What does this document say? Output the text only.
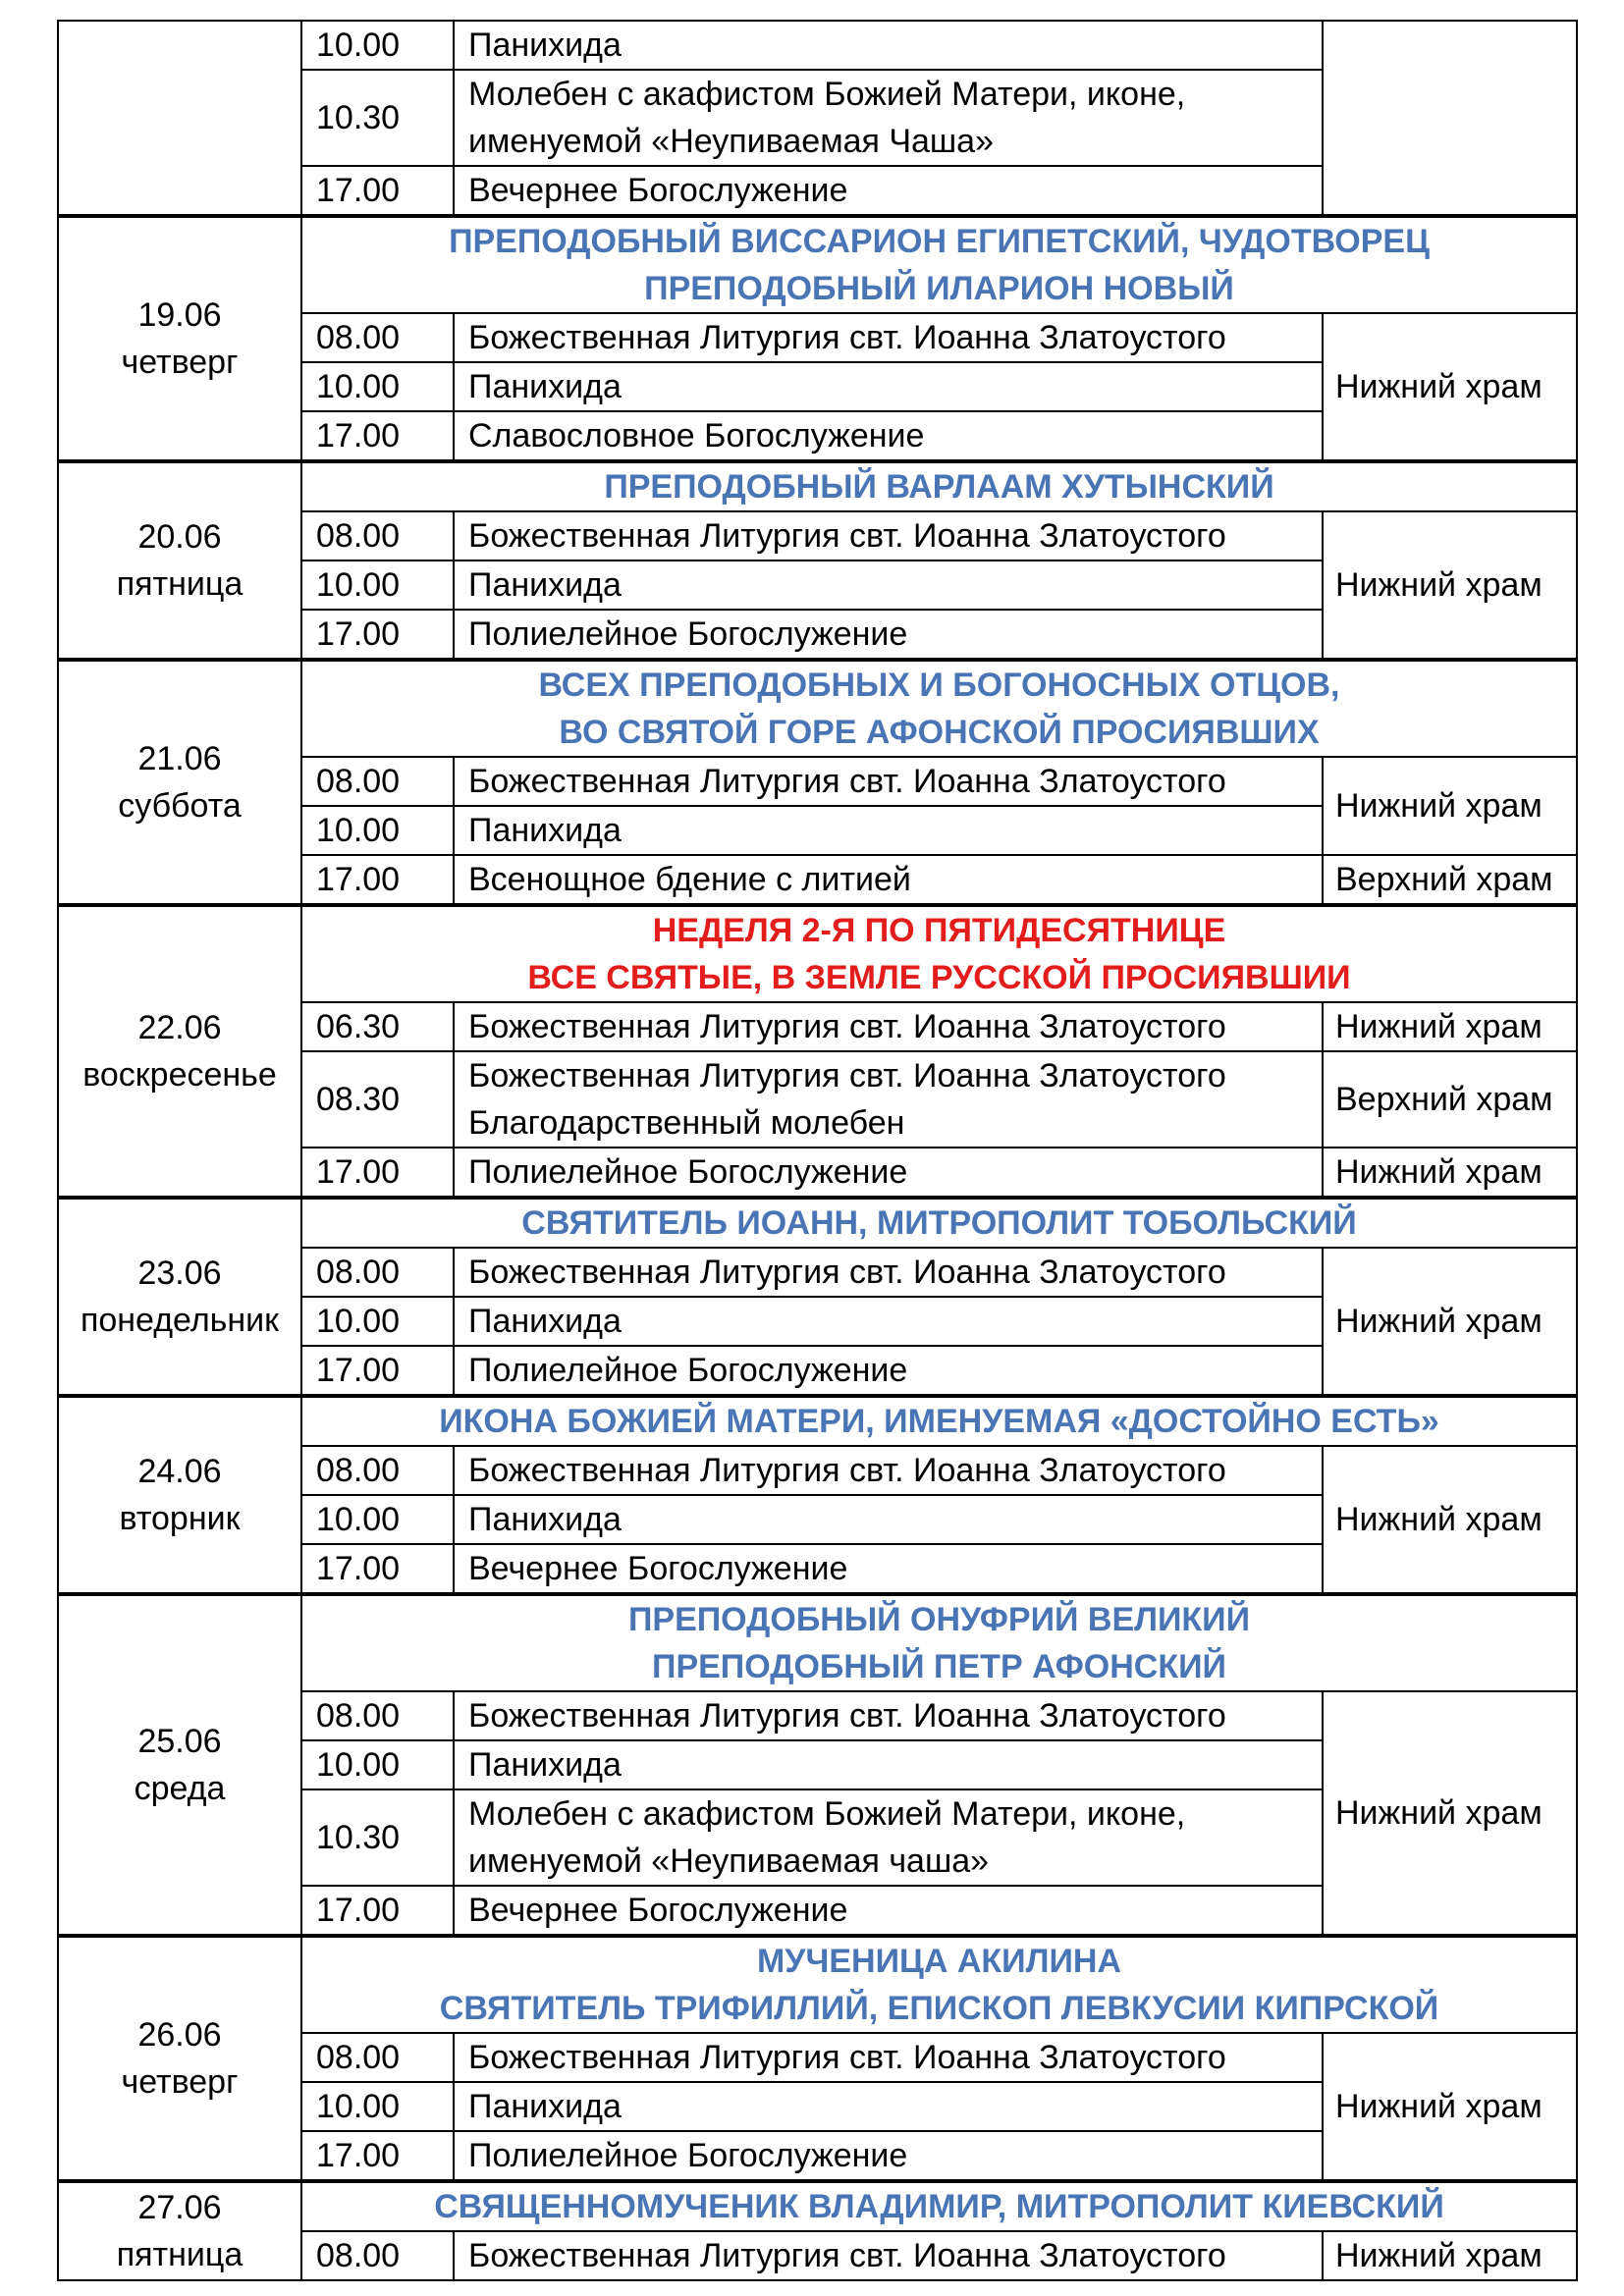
	10.00	Панихида	

	10.30	Молебен с акафистом Божией Матери, иконе,
именуемой «Неупиваемая Чаша»	

	17.00	Вечернее Богослужение	

19.06
четверг	ПРЕПОДОБНЫЙ ВИССАРИОН ЕГИПЕТСКИЙ, ЧУДОТВОРЕЦ
ПРЕПОДОБНЫЙ ИЛАРИОН НОВЫЙ		

	08.00	Божественная Литургия свт. Иоанна Златоустого	Нижний храм
	10.00	Панихида	
	17.00	Славословное Богослужение	

20.06
пятница	ПРЕПОДОБНЫЙ ВАРЛААМ ХУТЫНСКИЙ		

	08.00	Божественная Литургия свт. Иоанна Златоустого	Нижний храм
	10.00	Панихида	
	17.00	Полиелейное Богослужение	

21.06
суббота	ВСЕХ ПРЕПОДОБНЫХ И БОГОНОСНЫХ ОТЦОВ,
ВО СВЯТОЙ ГОРЕ АФОНСКОЙ ПРОСИЯВШИХ		

	08.00	Божественная Литургия свт. Иоанна Златоустого	Нижний храм
	10.00	Панихида	
	17.00	Всенощное бдение с литией	Верхний храм

22.06
воскресенье	НЕДЕЛЯ 2-Я ПО ПЯТИДЕСЯТНИЦЕ
ВСЕ СВЯТЫЕ, В ЗЕМЛЕ РУССКОЙ ПРОСИЯВШИИ		

	06.30	Божественная Литургия свт. Иоанна Златоустого	Нижний храм
	08.30	Божественная Литургия свт. Иоанна Златоустого
Благодарственный молебен	Верхний храм
	17.00	Полиелейное Богослужение	Нижний храм

23.06
понедельник	СВЯТИТЕЛЬ ИОАНН, МИТРОПОЛИТ ТОБОЛЬСКИЙ		

	08.00	Божественная Литургия свт. Иоанна Златоустого	Нижний храм
	10.00	Панихида	
	17.00	Полиелейное Богослужение	

24.06
вторник	ИКОНА БОЖИЕЙ МАТЕРИ, ИМЕНУЕМАЯ «ДОСТОЙНО ЕСТЬ»		

	08.00	Божественная Литургия свт. Иоанна Златоустого	Нижний храм
	10.00	Панихида	
	17.00	Вечернее Богослужение	

25.06
среда	ПРЕПОДОБНЫЙ ОНУФРИЙ ВЕЛИКИЙ
ПРЕПОДОБНЫЙ ПЕТР АФОНСКИЙ		

	08.00	Божественная Литургия свт. Иоанна Златоустого	Нижний храм
	10.00	Панихида	
	10.30	Молебен с акафистом Божией Матери, иконе,
именуемой «Неупиваемая чаша»	

	17.00	Вечернее Богослужение	

26.06
четверг	МУЧЕНИЦА АКИЛИНА
СВЯТИТЕЛЬ ТРИФИЛЛИЙ, ЕПИСКОП ЛЕВКУСИИ КИПРСКОЙ		

	08.00	Божественная Литургия свт. Иоанна Златоустого	Нижний храм
	10.00	Панихида	
	17.00	Полиелейное Богослужение	

27.06
пятница	СВЯЩЕННОМУЧЕНИК ВЛАДИМИР, МИТРОПОЛИТ КИЕВСКИЙ		

	08.00	Божественная Литургия свт. Иоанна Златоустого	Нижний храм
